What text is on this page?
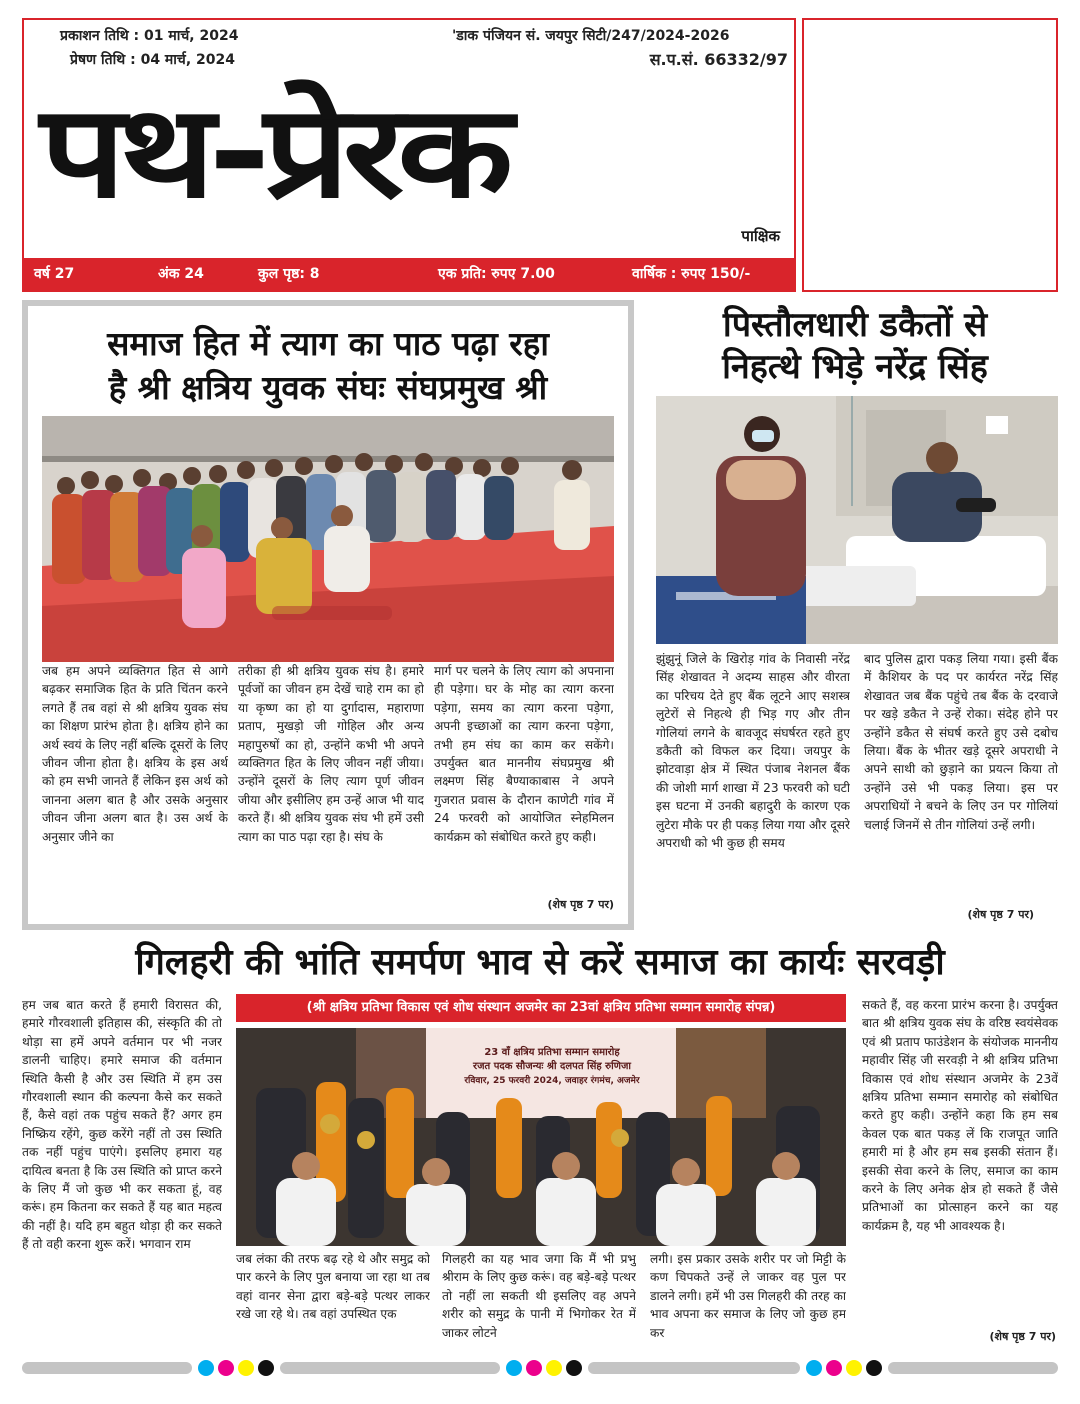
प्रकाशन तिथि : 01 मार्च, 2024
प्रेषण तिथि : 04 मार्च, 2024
'डाक पंजियन सं. जयपुर सिटी/247/2024-2026
स.प.सं. 66332/97
पथ-प्रेरक
पाक्षिक
वर्ष 27	अंक 24	कुल पृष्ठ: 8	एक प्रति: रुपए 7.00	वार्षिक : रुपए 150/-
समाज हित में त्याग का पाठ पढ़ा रहा
है श्री क्षत्रिय युवक संघः संघप्रमुख श्री
जब हम अपने व्यक्तिगत हित से आगे बढ़कर समाजिक हित के प्रति चिंतन करने लगते हैं तब वहां से श्री क्षत्रिय युवक संघ का शिक्षण प्रारंभ होता है। क्षत्रिय होने का अर्थ स्वयं के लिए नहीं बल्कि दूसरों के लिए जीवन जीना होता है। क्षत्रिय के इस अर्थ को हम सभी जानते हैं लेकिन इस अर्थ को जानना अलग बात है और उसके अनुसार जीवन जीना अलग बात है। उस अर्थ के अनुसार जीने का
तरीका ही श्री क्षत्रिय युवक संघ है। हमारे पूर्वजों का जीवन हम देखें चाहे राम का हो या कृष्ण का हो या दुर्गादास, महाराणा प्रताप, मुखड़ो जी गोहिल और अन्य महापुरुषों का हो, उन्होंने कभी भी अपने व्यक्तिगत हित के लिए जीवन नहीं जीया। उन्होंने दूसरों के लिए त्याग पूर्ण जीवन जीया और इसीलिए हम उन्हें आज भी याद करते हैं। श्री क्षत्रिय युवक संघ भी हमें उसी त्याग का पाठ पढ़ा रहा है। संघ के
मार्ग पर चलने के लिए त्याग को अपनाना ही पड़ेगा। घर के मोह का त्याग करना पड़ेगा, समय का त्याग करना पड़ेगा, अपनी इच्छाओं का त्याग करना पड़ेगा, तभी हम संघ का काम कर सकेंगे। उपर्युक्त बात माननीय संघप्रमुख श्री लक्ष्मण सिंह बैण्याकाबास ने अपने गुजरात प्रवास के दौरान काणेटी गांव में 24 फरवरी को आयोजित स्नेहमिलन कार्यक्रम को संबोधित करते हुए कही।
(शेष पृष्ठ 7 पर)
पिस्तौलधारी डकैतों से
निहत्थे भिड़े नरेंद्र सिंह
झुंझुनूं जिले के खिरोड़ गांव के निवासी नरेंद्र सिंह शेखावत ने अदम्य साहस और वीरता का परिचय देते हुए बैंक लूटने आए सशस्त्र लुटेरों से निहत्थे ही भिड़ गए और तीन गोलियां लगने के बावजूद संघर्षरत रहते हुए डकैती को विफल कर दिया। जयपुर के झोटवाड़ा क्षेत्र में स्थित पंजाब नेशनल बैंक की जोशी मार्ग शाखा में 23 फरवरी को घटी इस घटना में उनकी बहादुरी के कारण एक लुटेरा मौके पर ही पकड़ लिया गया और दूसरे अपराधी को भी कुछ ही समय
बाद पुलिस द्वारा पकड़ लिया गया। इसी बैंक में कैशियर के पद पर कार्यरत नरेंद्र सिंह शेखावत जब बैंक पहुंचे तब बैंक के दरवाजे पर खड़े डकैत ने उन्हें रोका। संदेह होने पर उन्होंने डकैत से संघर्ष करते हुए उसे दबोच लिया। बैंक के भीतर खड़े दूसरे अपराधी ने अपने साथी को छुड़ाने का प्रयत्न किया तो उन्होंने उसे भी पकड़ लिया। इस पर अपराधियों ने बचने के लिए उन पर गोलियां चलाई जिनमें से तीन गोलियां उन्हें लगी।
(शेष पृष्ठ 7 पर)
गिलहरी की भांति समर्पण भाव से करें समाज का कार्यः सरवड़ी
(श्री क्षत्रिय प्रतिभा विकास एवं शोध संस्थान अजमेर का 23वां क्षत्रिय प्रतिभा सम्मान समारोह संपन्न)
हम जब बात करते हैं हमारी विरासत की, हमारे गौरवशाली इतिहास की, संस्कृति की तो थोड़ा सा हमें अपने वर्तमान पर भी नजर डालनी चाहिए। हमारे समाज की वर्तमान स्थिति कैसी है और उस स्थिति में हम उस गौरवशाली स्थान की कल्पना कैसे कर सकते हैं, कैसे वहां तक पहुंच सकते हैं? अगर हम निष्क्रिय रहेंगे, कुछ करेंगे नहीं तो उस स्थिति तक नहीं पहुंच पाएंगे। इसलिए हमारा यह दायित्व बनता है कि उस स्थिति को प्राप्त करने के लिए मैं जो कुछ भी कर सकता हूं, वह करूं। हम कितना कर सकते हैं यह बात महत्व की नहीं है। यदि हम बहुत थोड़ा ही कर सकते हैं तो वही करना शुरू करें। भगवान राम
23 वाँ क्षत्रिय प्रतिभा सम्मान समारोह
रजत पदक सौजन्यः श्री दलपत सिंह रुणिजा
रविवार, 25 फरवरी 2024, जवाहर रंगमंच, अजमेर
जब लंका की तरफ बढ़ रहे थे और समुद्र को पार करने के लिए पुल बनाया जा रहा था तब वहां वानर सेना द्वारा बड़े-बड़े पत्थर लाकर रखे जा रहे थे। तब वहां उपस्थित एक
गिलहरी का यह भाव जगा कि मैं भी प्रभु श्रीराम के लिए कुछ करूं। वह बड़े-बड़े पत्थर तो नहीं ला सकती थी इसलिए वह अपने शरीर को समुद्र के पानी में भिगोकर रेत में जाकर लोटने
लगी। इस प्रकार उसके शरीर पर जो मिट्टी के कण चिपकते उन्हें ले जाकर वह पुल पर डालने लगी। हमें भी उस गिलहरी की तरह का भाव अपना कर समाज के लिए जो कुछ हम कर
सकते हैं, वह करना प्रारंभ करना है। उपर्युक्त बात श्री क्षत्रिय युवक संघ के वरिष्ठ स्वयंसेवक एवं श्री प्रताप फाउंडेशन के संयोजक माननीय महावीर सिंह जी सरवड़ी ने श्री क्षत्रिय प्रतिभा विकास एवं शोध संस्थान अजमेर के 23वें क्षत्रिय प्रतिभा सम्मान समारोह को संबोधित करते हुए कही। उन्होंने कहा कि हम सब केवल एक बात पकड़ लें कि राजपूत जाति हमारी मां है और हम सब इसकी संतान हैं। इसकी सेवा करने के लिए, समाज का काम करने के लिए अनेक क्षेत्र हो सकते हैं जैसे प्रतिभाओं का प्रोत्साहन करने का यह कार्यक्रम है, यह भी आवश्यक है।
(शेष पृष्ठ 7 पर)
